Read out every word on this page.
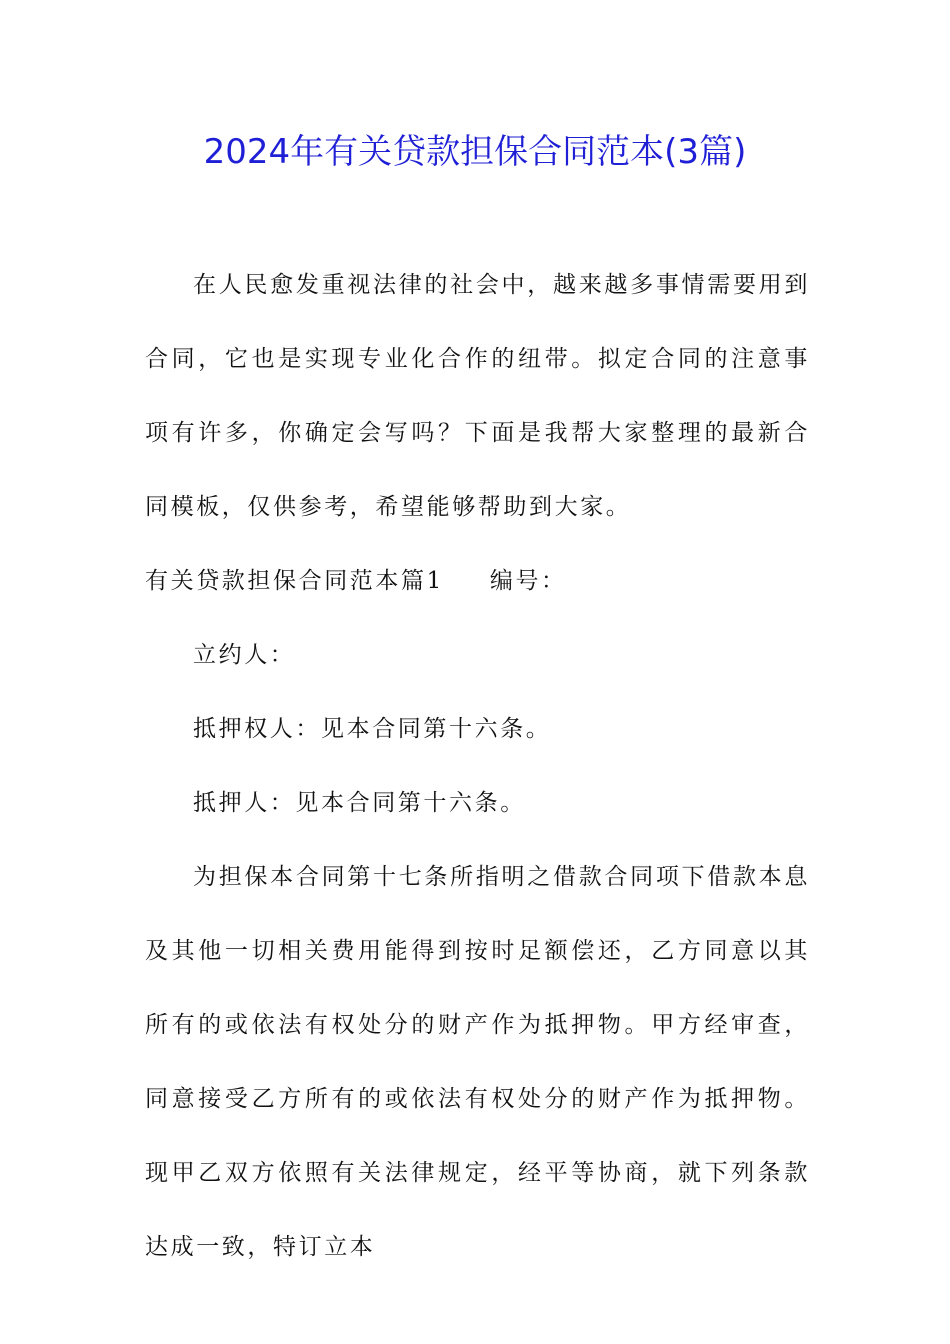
2024年有关贷款担保合同范本(3篇)

在人民愈发重视法律的社会中，越来越多事情需要用到合同，它也是实现专业化合作的纽带。拟定合同的注意事项有许多，你确定会写吗？下面是我帮大家整理的最新合同模板，仅供参考，希望能够帮助到大家。

有关贷款担保合同范本篇1 编号：
立约人：
抵押权人：见本合同第十六条。
抵押人：见本合同第十六条。

为担保本合同第十七条所指明之借款合同项下借款本息及其他一切相关费用能得到按时足额偿还，乙方同意以其所有的或依法有权处分的财产作为抵押物。甲方经审查，同意接受乙方所有的或依法有权处分的财产作为抵押物。现甲乙双方依照有关法律规定，经平等协商，就下列条款达成一致，特订立本
